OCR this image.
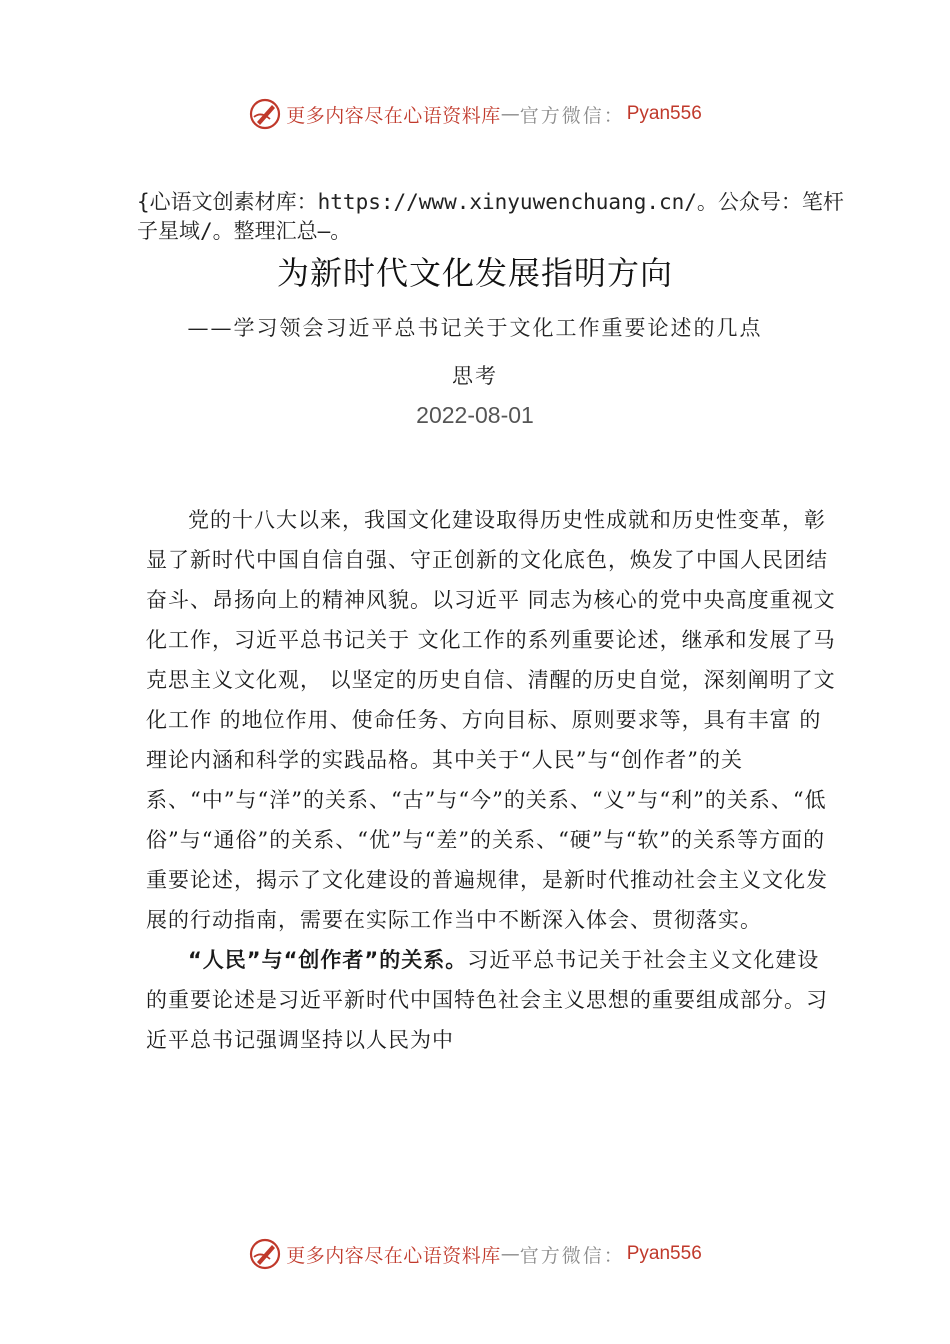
更多内容尽在心语资料库 — 官方微信： Pyan556
{心语文创素材库：https://www.xinyuwenchuang.cn/。公众号：笔杆子星域/。整理汇总—。
为新时代文化发展指明方向
——学习领会习近平总书记关于文化工作重要论述的几点
思考
2022-08-01

党的十八大以来，我国文化建设取得历史性成就和历史性变革，彰显了新时代中国自信自强、守正创新的文化底色，焕发了中国人民团结奋斗、昂扬向上的精神风貌。以习近平 同志为核心的党中央高度重视文化工作，习近平总书记关于 文化工作的系列重要论述，继承和发展了马克思主义文化观， 以坚定的历史自信、清醒的历史自觉，深刻阐明了文化工作 的地位作用、使命任务、方向目标、原则要求等，具有丰富 的理论内涵和科学的实践品格。其中关于“人民”与“创作者”的关系、“中”与“洋”的关系、“古”与“今”的关系、“义”与“利”的关系、“低俗”与“通俗”的关系、“优”与“差”的关系、“硬”与“软”的关系等方面的重要论述，揭示了文化建设的普遍规律，是新时代推动社会主义文化发展的行动指南，需要在实际工作当中不断深入体会、贯彻落实。

“人民”与“创作者”的关系。习近平总书记关于社会主义文化建设的重要论述是习近平新时代中国特色社会主义思想的重要组成部分。习近平总书记强调坚持以人民为中

更多内容尽在心语资料库 — 官方微信： Pyan556
